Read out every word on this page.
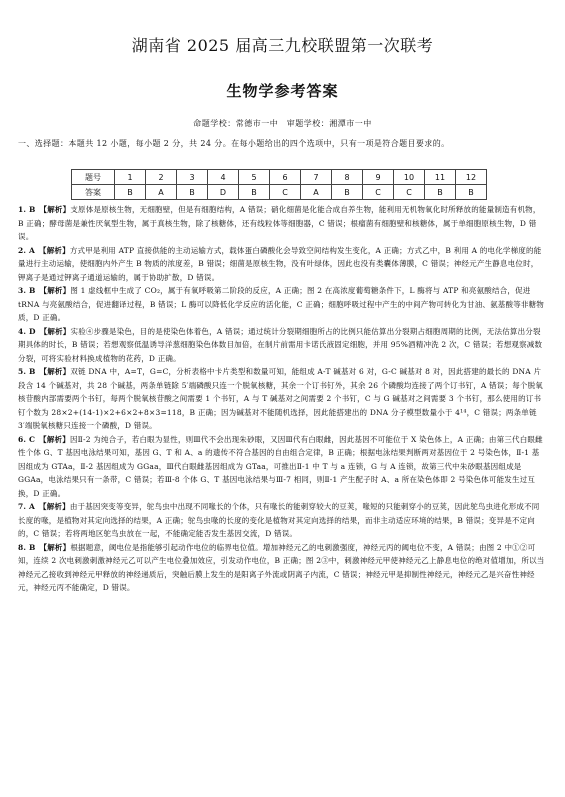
湖南省 2025 届高三九校联盟第一次联考
生物学参考答案
命题学校：常德市一中　审题学校：湘潭市一中
一、选择题：本题共 12 小题，每小题 2 分，共 24 分。在每小题给出的四个选项中，只有一项是符合题目要求的。
题号	1	2	3	4	5	6	7	8	9	10	11	12
答案	B	A	B	D	B	C	A	B	C	C	B	B

1. B　【解析】支原体是原核生物，无细胞壁，但是有细胞结构，A 错误；硝化细菌是化能合成自养生物，能利用无机物氧化时所释放的能量制造有机物，B 正确；酵母菌是兼性厌氧型生物，属于真核生物，除了核糖体，还有线粒体等细胞器，C 错误；根瘤菌有细胞壁和核糖体，属于单细胞原核生物，D 错误。

2. A　【解析】方式甲是利用 ATP 直接供能的主动运输方式，载体蛋白磷酸化会导致空间结构发生变化，A 正确；方式乙中，B 利用 A 的电化学梯度的能量进行主动运输，使细胞内外产生 B 物质的浓度差，B 错误；细菌是原核生物，没有叶绿体，因此也没有类囊体薄膜，C 错误；神经元产生静息电位时，钾离子是通过钾离子通道运输的，属于协助扩散，D 错误。

3. B　【解析】图 1 虚线框中生成了 CO₂，属于有氧呼吸第二阶段的反应，A 正确；图 2 在高浓度葡萄糖条件下，L 酶将与 ATP 和亮氨酸结合，促进 tRNA 与亮氨酸结合，促进翻译过程，B 错误；L 酶可以降低化学反应的活化能，C 正确；细胞呼吸过程中产生的中间产物可转化为甘油、氨基酸等非糖物质，D 正确。

4. D　【解析】实验④步骤是染色，目的是使染色体着色，A 错误；通过统计分裂期细胞所占的比例只能估算出分裂期占细胞周期的比例，无法估算出分裂期具体的时长，B 错误；若想观察低温诱导洋葱细胞染色体数目加倍，在制片前需用卡诺氏液固定细胞，并用 95%酒精冲洗 2 次，C 错误；若想观察减数分裂，可将实验材料换成植物的花药，D 正确。

5. B　【解析】双链 DNA 中，A=T，G=C，分析表格中卡片类型和数量可知，能组成 A-T 碱基对 6 对，G-C 碱基对 8 对，因此搭建的最长的 DNA 片段含 14 个碱基对，共 28 个碱基，两条单链除 5′端磷酸只连一个脱氧核糖，其余一个订书钉外，其余 26 个磷酸均连接了两个订书钉，A 错误；每个脱氧核苷酸内部需要两个书钉，每两个脱氧核苷酸之间需要 1 个书钉，A 与 T 碱基对之间需要 2 个书钉，C 与 G 碱基对之间需要 3 个书钉，那么使用的订书钉个数为 28×2+(14-1)×2+6×2+8×3=118，B 正确；因为碱基对不能随机选择，因此能搭建出的 DNA 分子模型数量小于 4¹⁴，C 错误；两条单链 3′端脱氧核糖只连接一个磷酸，D 错误。

6. C　【解析】因Ⅱ-2 为纯合子，若白眼为显性，则Ⅲ代不会出现朱砂眼，又因Ⅲ代有白眼雌，因此基因不可能位于 X 染色体上，A 正确；由第三代白眼雌性个体 G、T 基因电泳结果可知，基因 G、T 和 A、a 的遗传不符合基因的自由组合定律，B 正确；根据电泳结果判断两对基因位于 2 号染色体，Ⅱ-1 基因组成为 GTAa，Ⅱ-2 基因组成为 GGaa，Ⅲ代白眼雌基因组成为 GTaa，可推出Ⅱ-1 中 T 与 a 连锁，G 与 A 连锁，故第三代中朱砂眼基因组成是 GGAa，电泳结果只有一条带，C 错误；若Ⅲ-8 个体 G、T 基因电泳结果与Ⅲ-7 相同，则Ⅱ-1 产生配子时 A、a 所在染色体即 2 号染色体可能发生过互换，D 正确。

7. A　【解析】由于基因突变等变异，鸵鸟虫中出现不同喙长的个体，只有喙长的能刺穿较大的豆荚，喙短的只能刺穿小的豆荚，因此鸵鸟虫进化形成不同长度的喙，是植物对其定向选择的结果，A 正确；鸵鸟虫喙的长度的变化是植物对其定向选择的结果，而非主动适应环境的结果，B 错误；变异是不定向的，C 错误；若将两地区鸵鸟虫放在一起，不能确定能否发生基因交流，D 错误。

8. B　【解析】根据题意，阈电位是指能够引起动作电位的临界电位值。增加神经元乙的电刺激强度，神经元丙的阈电位不变，A 错误；由图 2 中①②可知，连续 2 次电刺激刺激神经元乙可以产生电位叠加效应，引发动作电位，B 正确；图 2③中，刺激神经元甲使神经元乙上静息电位的绝对值增加，所以当神经元乙接收到神经元甲释放的神经递质后，突触后膜上发生的是阳离子外流或阴离子内流，C 错误；神经元甲是抑制性神经元，神经元乙是兴奋性神经元，神经元丙不能确定，D 错误。
